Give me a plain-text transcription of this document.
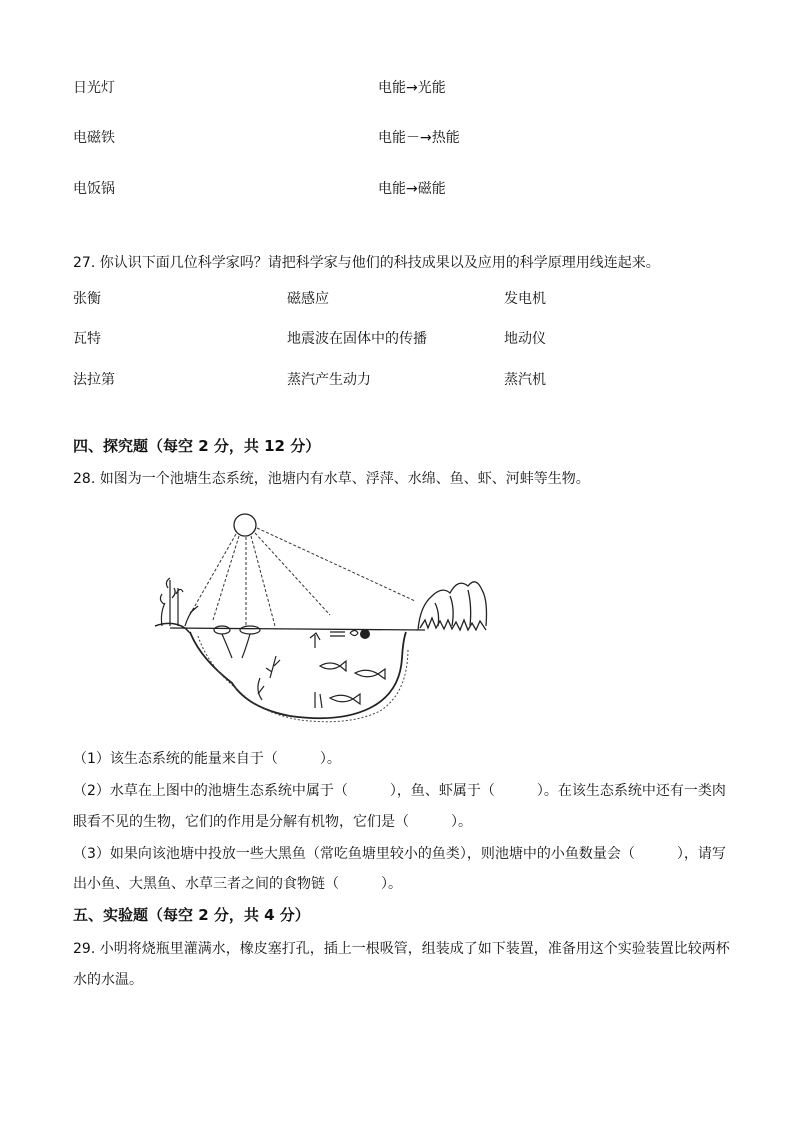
日光灯	电能→光能
电磁铁	电能－→热能
电饭锅	电能→磁能
27. 你认识下面几位科学家吗？请把科学家与他们的科技成果以及应用的科学原理用线连起来。
张衡	磁感应	发电机
瓦特	地震波在固体中的传播	地动仪
法拉第	蒸汽产生动力	蒸汽机
四、探究题（每空 2 分，共 12 分）
28. 如图为一个池塘生态系统，池塘内有水草、浮萍、水绵、鱼、虾、河蚌等生物。
（1）该生态系统的能量来自于（　　　）。
（2）水草在上图中的池塘生态系统中属于（　　　），鱼、虾属于（　　　）。在该生态系统中还有一类肉
眼看不见的生物，它们的作用是分解有机物，它们是（　　　）。
（3）如果向该池塘中投放一些大黑鱼（常吃鱼塘里较小的鱼类），则池塘中的小鱼数量会（　　　），请写
出小鱼、大黑鱼、水草三者之间的食物链（　　　）。
五、实验题（每空 2 分，共 4 分）
29. 小明将烧瓶里灌满水，橡皮塞打孔，插上一根吸管，组装成了如下装置，准备用这个实验装置比较两杯
水的水温。
